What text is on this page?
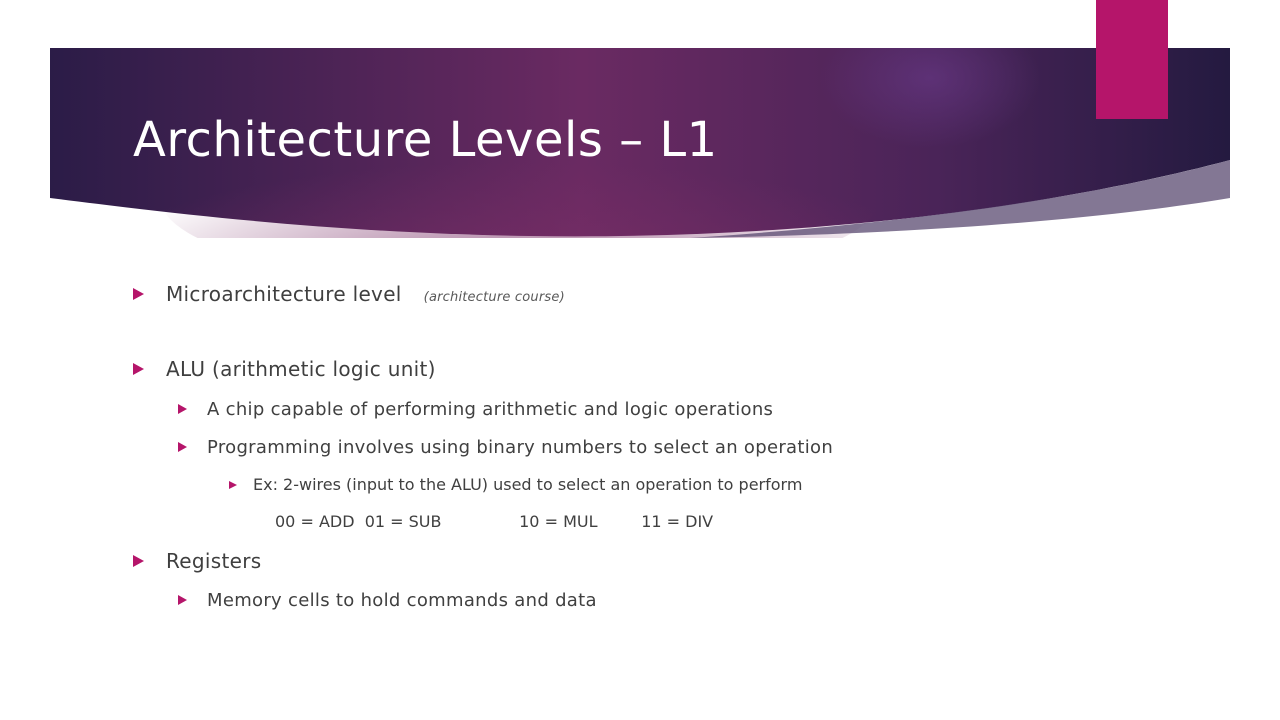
Architecture Levels – L1
Microarchitecture level (architecture course)
ALU (arithmetic logic unit)
A chip capable of performing arithmetic and logic operations
Programming involves using binary numbers to select an operation
Ex: 2-wires (input to the ALU) used to select an operation to perform
00 = ADD  01 = SUB	10 = MUL	11 = DIV
Registers
Memory cells to hold commands and data
